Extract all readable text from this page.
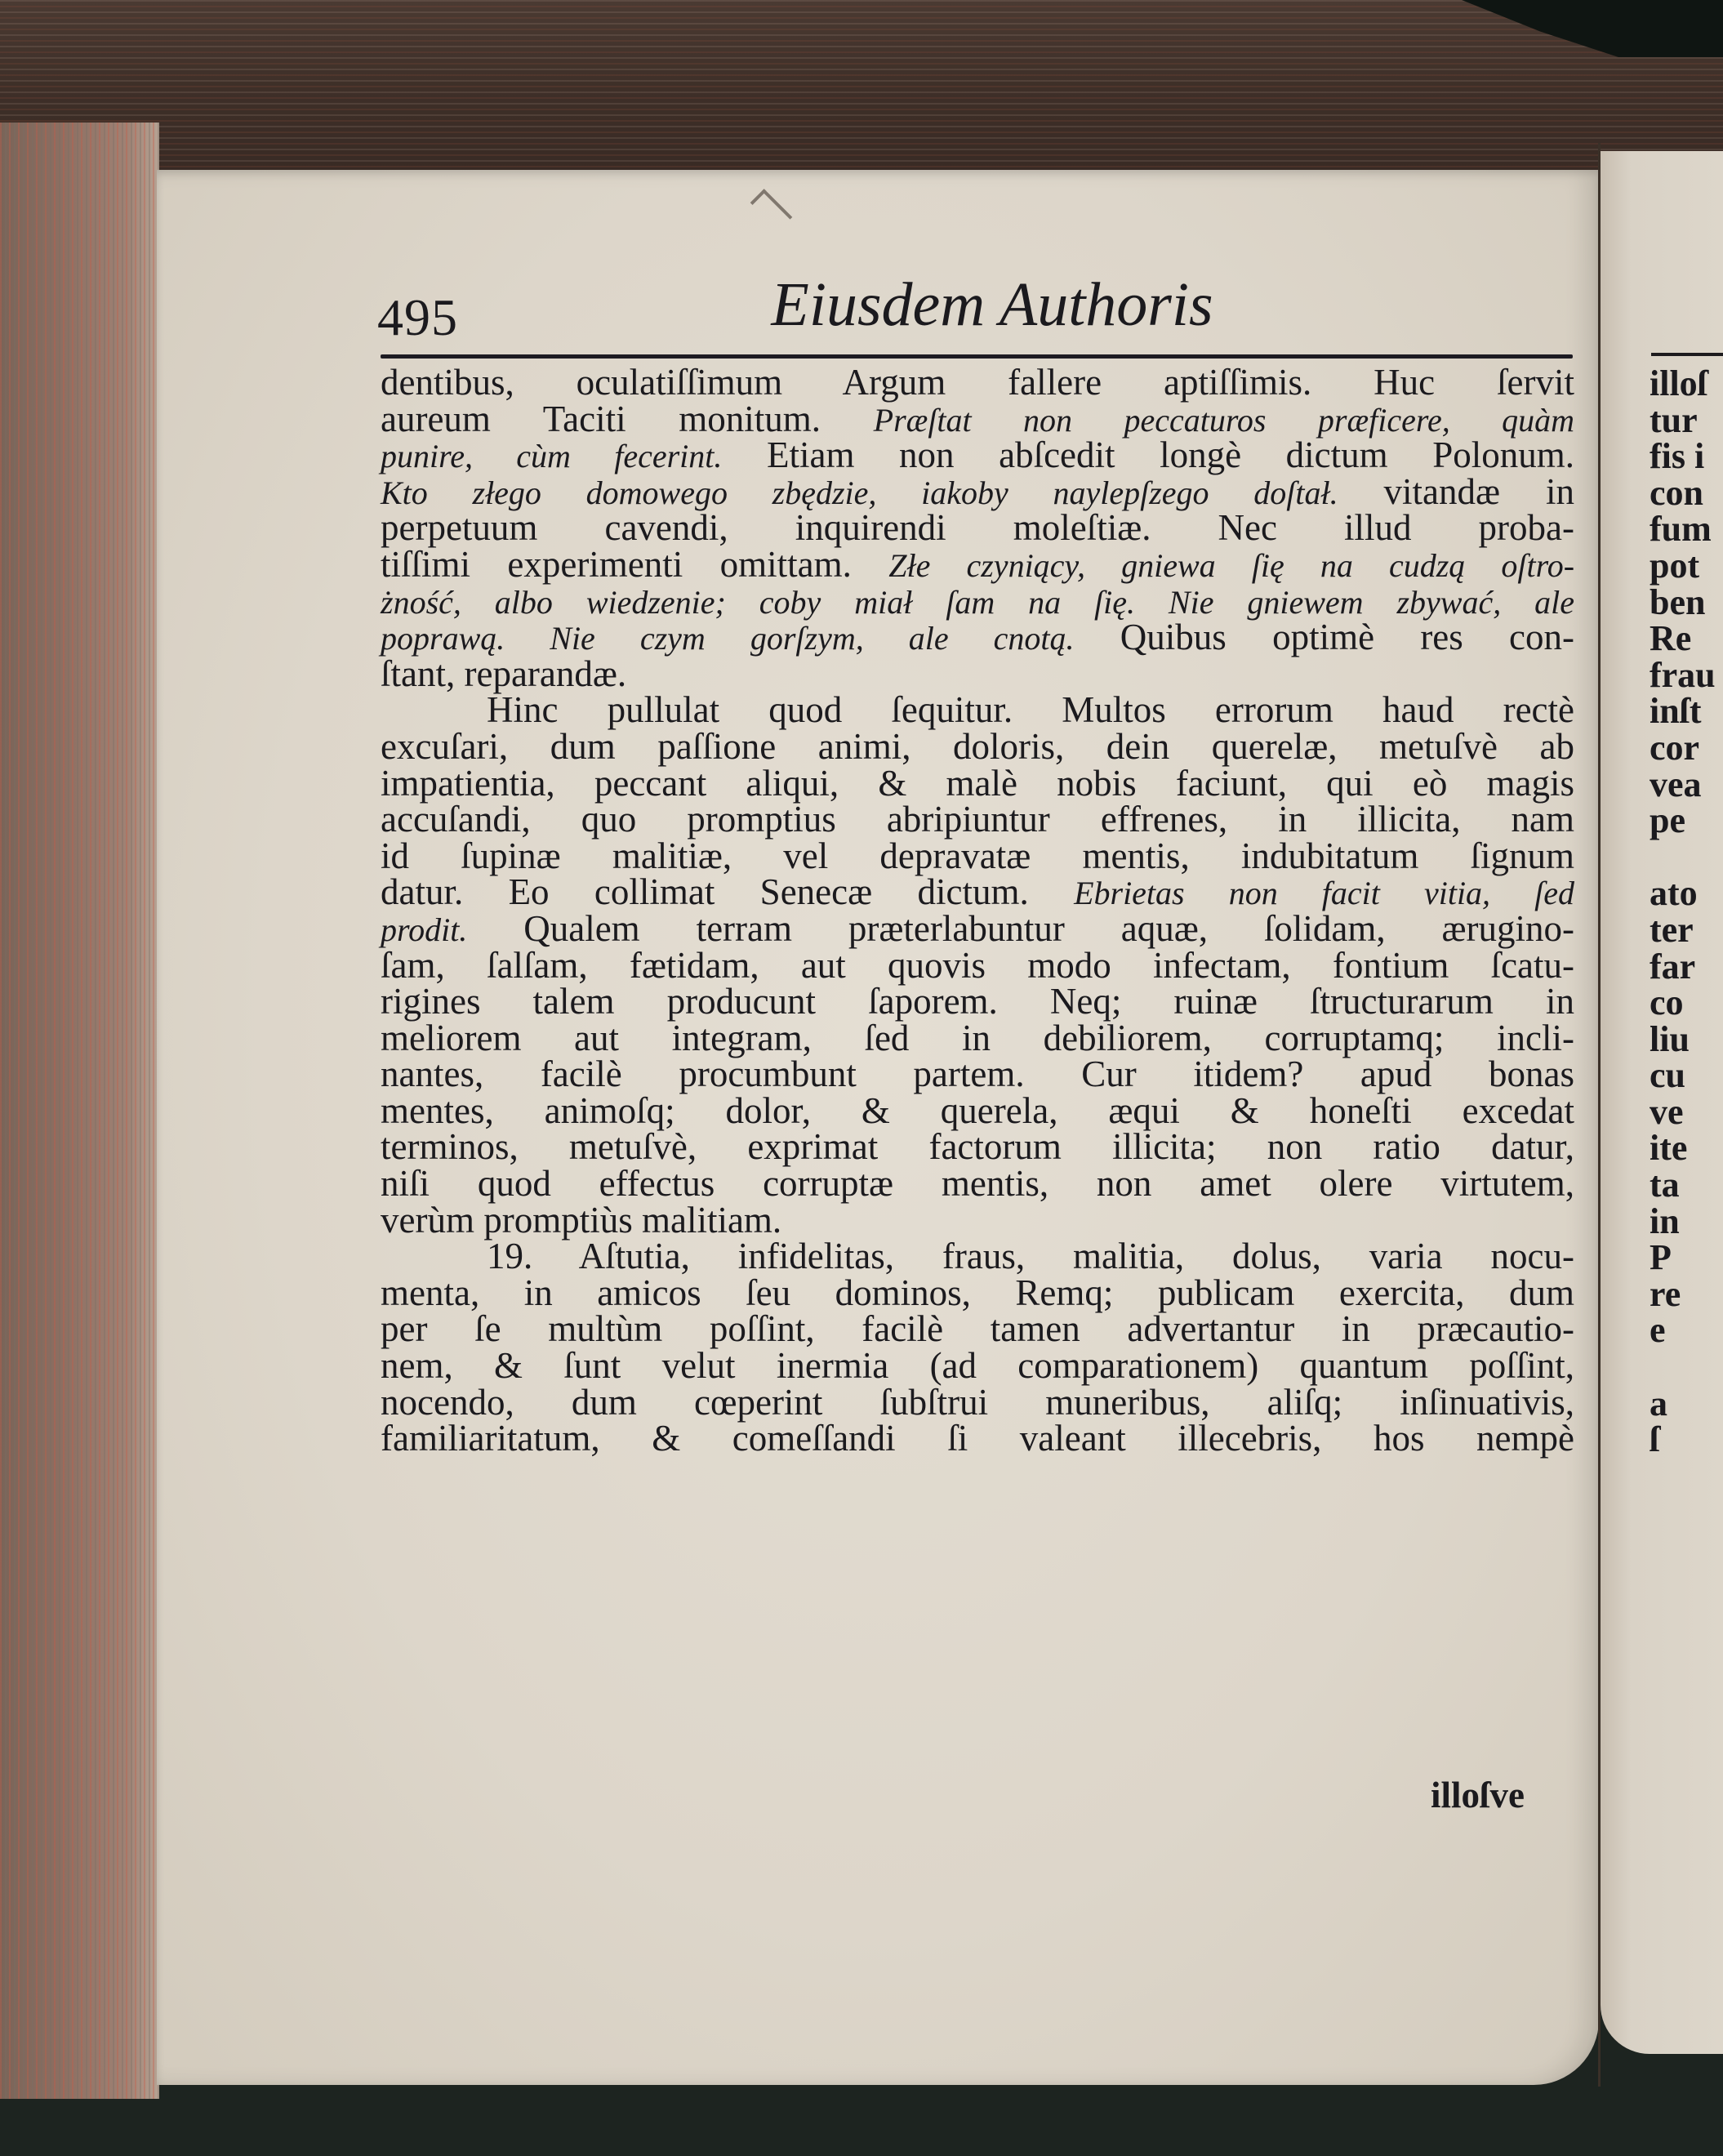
illoſ
tur
fis i
con
fum
pot
ben
Re
frau
inſt
cor
vea
pe

ato
ter
far
co
liu
cu
ve
ite
ta
in
P
re
e

a
ſ
495	Eiusdem Authoris
dentibus, oculatiſſimum Argum fallere aptiſſimis. Huc ſervit
aureum Taciti monitum. Præſtat non peccaturos præficere, quàm
punire, cùm fecerint. Etiam non abſcedit longè dictum Polonum.
Kto złego domowego zbędzie, iakoby naylepſzego doſtał. vitandæ in
perpetuum cavendi, inquirendi moleſtiæ. Nec illud proba-
tiſſimi experimenti omittam. Złe czyniący, gniewa ſię na cudzą oſtro-
żność, albo wiedzenie; coby miał ſam na ſię. Nie gniewem zbywać, ale
poprawą. Nie czym gorſzym, ale cnotą. Quibus optimè res con-
ſtant, reparandæ.
Hinc pullulat quod ſequitur. Multos errorum haud rectè
excuſari, dum paſſione animi, doloris, dein querelæ, metuſvè ab
impatientia, peccant aliqui, & malè nobis faciunt, qui eò magis
accuſandi, quo promptius abripiuntur effrenes, in illicita, nam
id ſupinæ malitiæ, vel depravatæ mentis, indubitatum ſignum
datur. Eo collimat Senecæ dictum. Ebrietas non facit vitia, ſed
prodit. Qualem terram præterlabuntur aquæ, ſolidam, ærugino-
ſam, ſalſam, fætidam, aut quovis modo infectam, fontium ſcatu-
rigines talem producunt ſaporem. Neq; ruinæ ſtructurarum in
meliorem aut integram, ſed in debiliorem, corruptamq; incli-
nantes, facilè procumbunt partem. Cur itidem? apud bonas
mentes, animoſq; dolor, & querela, æqui & honeſti excedat
terminos, metuſvè, exprimat factorum illicita; non ratio datur,
niſi quod effectus corruptæ mentis, non amet olere virtutem,
verùm promptiùs malitiam.
19. Aſtutia, infidelitas, fraus, malitia, dolus, varia nocu-
menta, in amicos ſeu dominos, Remq; publicam exercita, dum
per ſe multùm poſſint, facilè tamen advertantur in præcautio-
nem, & ſunt velut inermia (ad comparationem) quantum poſſint,
nocendo, dum cœperint ſubſtrui muneribus, aliſq; inſinuativis,
familiaritatum, & comeſſandi ſi valeant illecebris, hos nempè
illoſve
